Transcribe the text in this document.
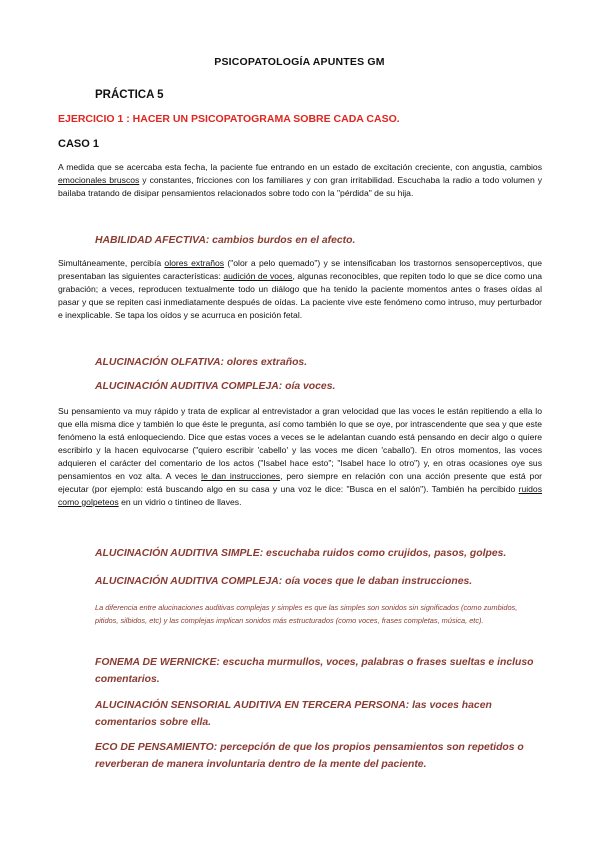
PSICOPATOLOGÍA APUNTES GM
PRÁCTICA 5
EJERCICIO 1 : HACER UN PSICOPATOGRAMA SOBRE CADA CASO.
CASO 1

A medida que se acercaba esta fecha, la paciente fue entrando en un estado de excitación creciente, con angustia, cambios emocionales bruscos y constantes, fricciones con los familiares y con gran irritabilidad. Escuchaba la radio a todo volumen y bailaba tratando de disipar pensamientos relacionados sobre todo con la "pérdida" de su hija.

HABILIDAD AFECTIVA: cambios burdos en el afecto.

Simultáneamente, percibía olores extraños ("olor a pelo quemado") y se intensificaban los trastornos sensoperceptivos, que presentaban las siguientes características: audición de voces, algunas reconocibles, que repiten todo lo que se dice como una grabación; a veces, reproducen textualmente todo un diálogo que ha tenido la paciente momentos antes o frases oídas al pasar y que se repiten casi inmediatamente después de oídas. La paciente vive este fenómeno como intruso, muy perturbador e inexplicable. Se tapa los oídos y se acurruca en posición fetal.

ALUCINACIÓN OLFATIVA: olores extraños.

ALUCINACIÓN AUDITIVA COMPLEJA: oía voces.

Su pensamiento va muy rápido y trata de explicar al entrevistador a gran velocidad que las voces le están repitiendo a ella lo que ella misma dice y también lo que éste le pregunta, así como también lo que se oye, por intrascendente que sea y que este fenómeno la está enloqueciendo. Dice que estas voces a veces se le adelantan cuando está pensando en decir algo o quiere escribirlo y la hacen equivocarse ("quiero escribir 'cabello' y las voces me dicen 'caballo'). En otros momentos, las voces adquieren el carácter del comentario de los actos ("Isabel hace esto"; "Isabel hace lo otro") y, en otras ocasiones oye sus pensamientos en voz alta. A veces le dan instrucciones, pero siempre en relación con una acción presente que está por ejecutar (por ejemplo: está buscando algo en su casa y una voz le dice: "Busca en el salón"). También ha percibido ruidos como golpeteos en un vidrio o tintineo de llaves.

ALUCINACIÓN AUDITIVA SIMPLE: escuchaba ruidos como crujidos, pasos, golpes.

ALUCINACIÓN AUDITIVA COMPLEJA: oía voces que le daban instrucciones.

La diferencia entre alucinaciones auditivas complejas y simples es que las simples son sonidos sin significados (como zumbidos, pitidos, silbidos, etc) y las complejas implican sonidos más estructurados (como voces, frases completas, música, etc).

FONEMA DE WERNICKE: escucha murmullos, voces, palabras o frases sueltas e incluso comentarios.

ALUCINACIÓN SENSORIAL AUDITIVA EN TERCERA PERSONA: las voces hacen comentarios sobre ella.

ECO DE PENSAMIENTO: percepción de que los propios pensamientos son repetidos o reverberan de manera involuntaria dentro de la mente del paciente.
